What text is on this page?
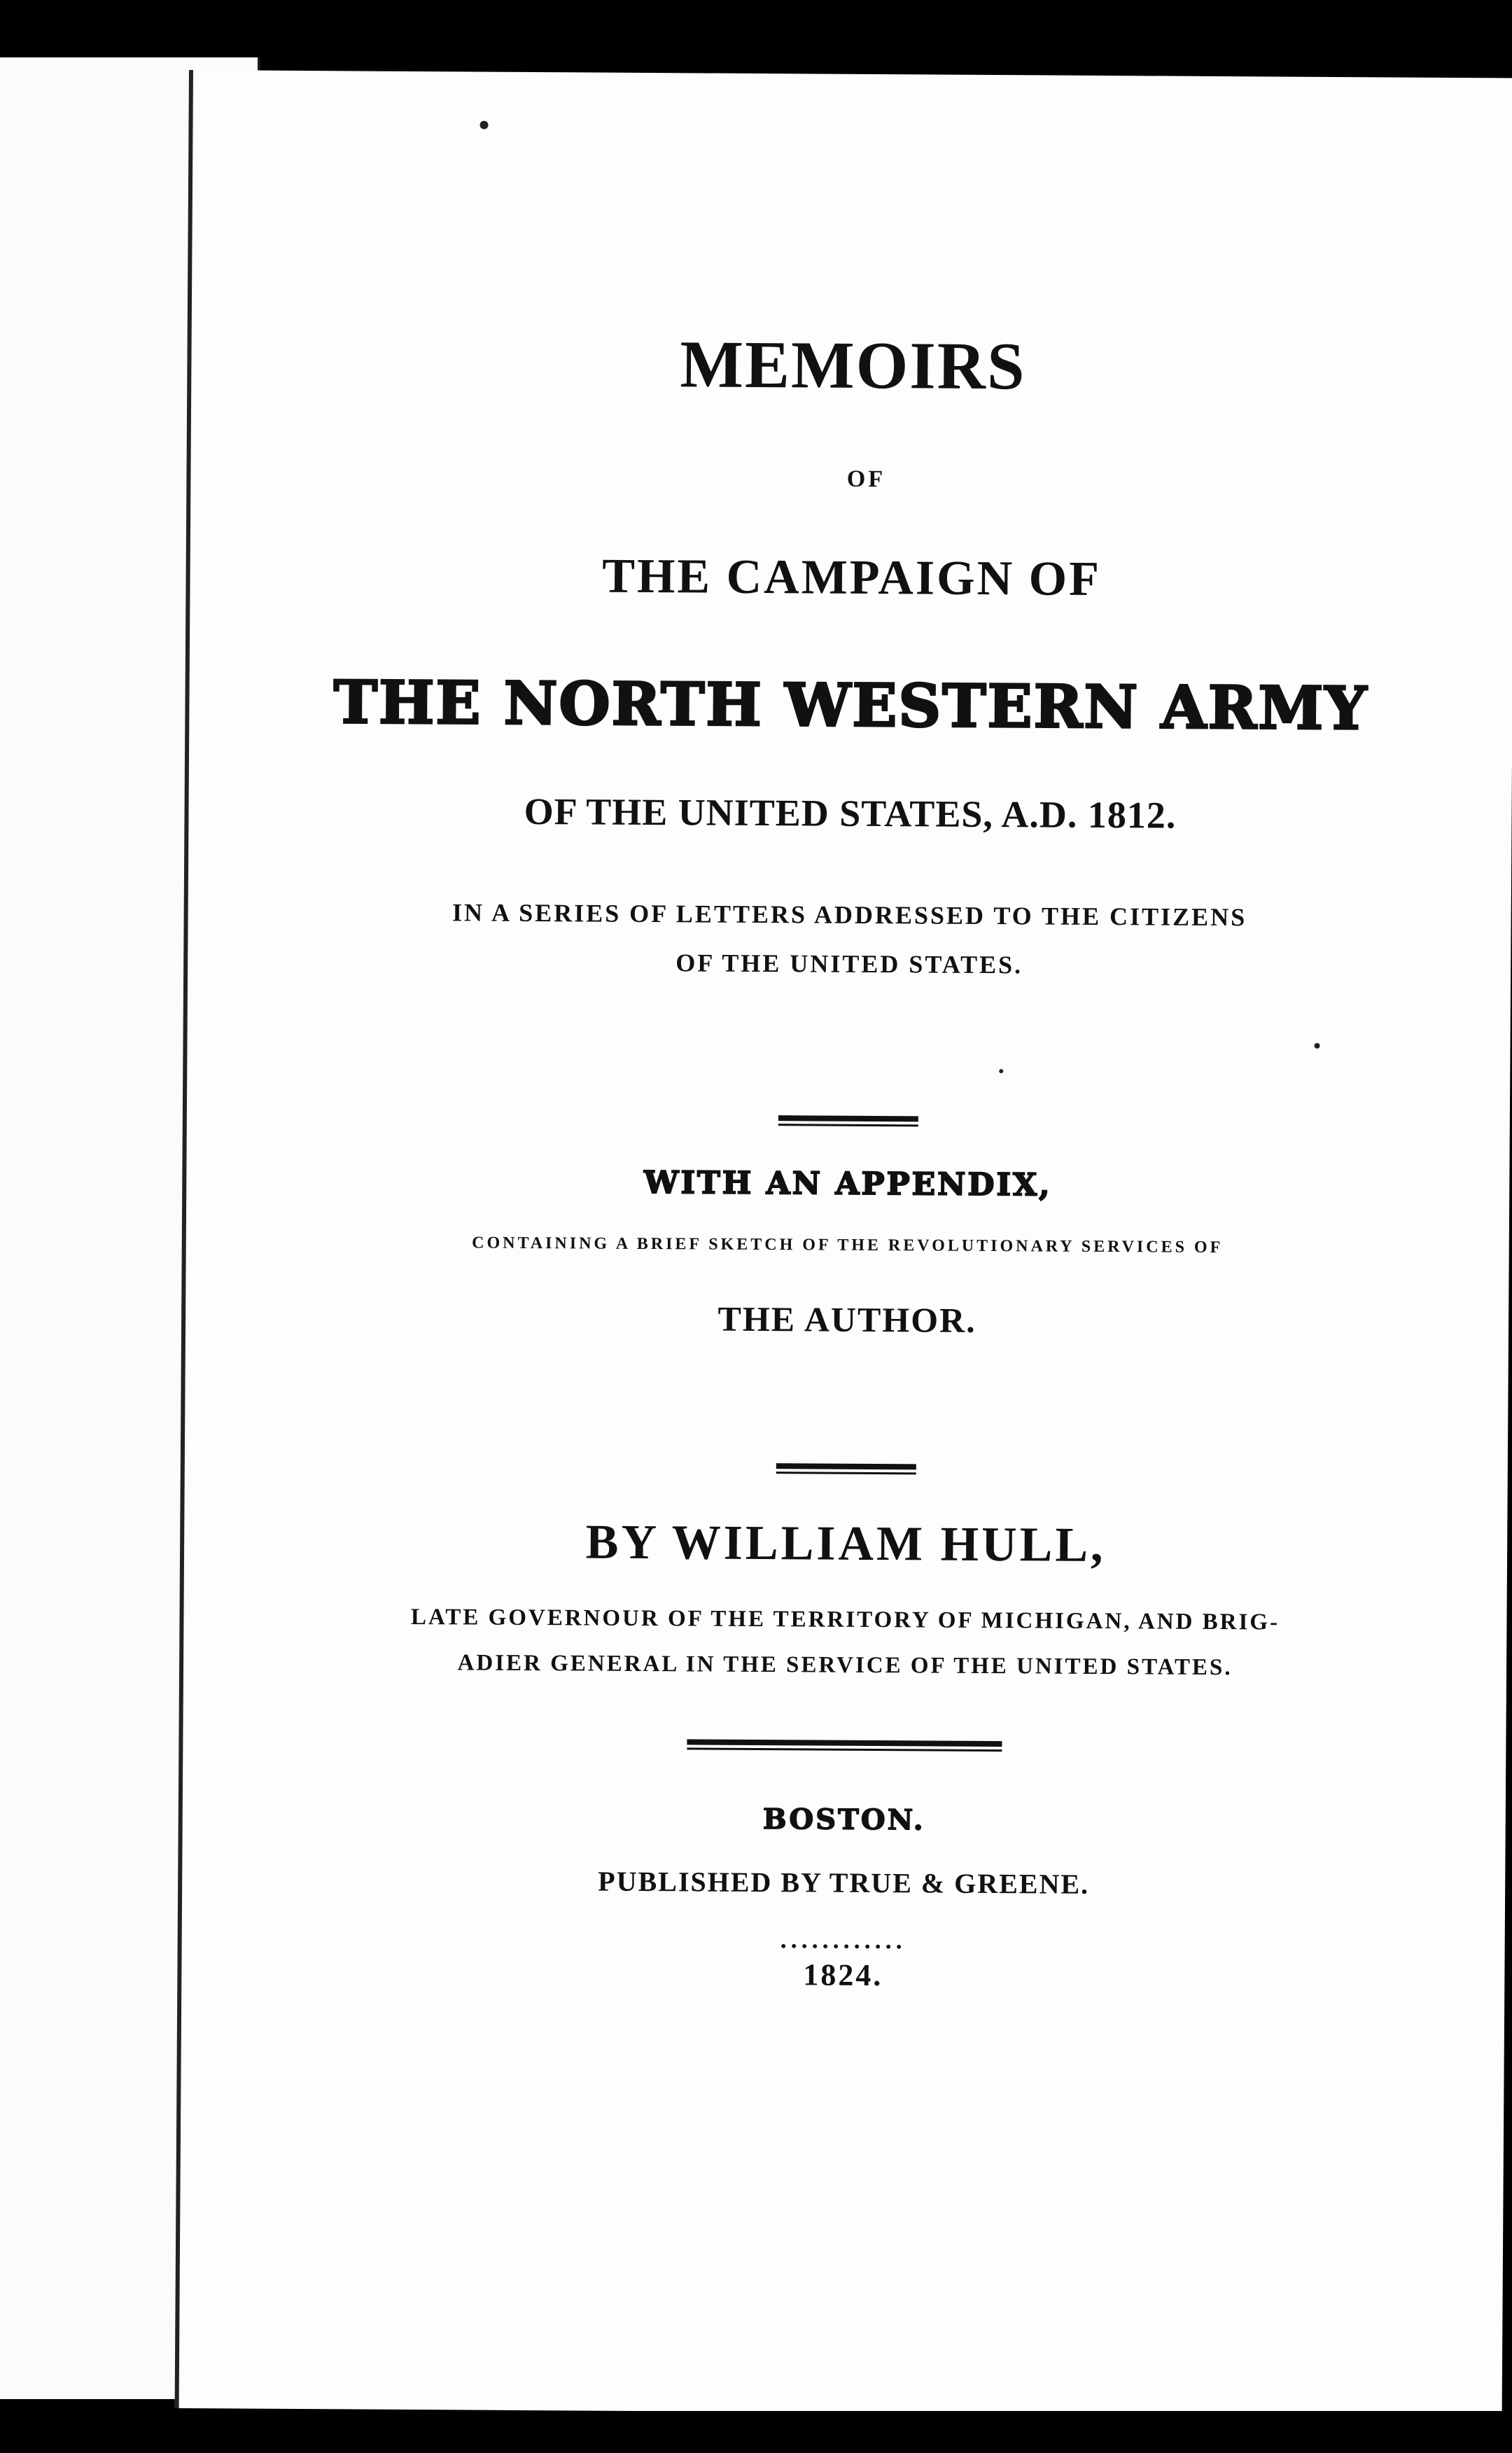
MEMOIRS
OF
THE CAMPAIGN OF
THE NORTH WESTERN ARMY
OF THE UNITED STATES, A.D. 1812.
IN A SERIES OF LETTERS ADDRESSED TO THE CITIZENS
OF THE UNITED STATES.
WITH AN APPENDIX,
CONTAINING A BRIEF SKETCH OF THE REVOLUTIONARY SERVICES OF
THE AUTHOR.
BY WILLIAM HULL,
LATE GOVERNOUR OF THE TERRITORY OF MICHIGAN, AND BRIG-
ADIER GENERAL IN THE SERVICE OF THE UNITED STATES.
BOSTON.
PUBLISHED BY TRUE & GREENE.
............
1824.
